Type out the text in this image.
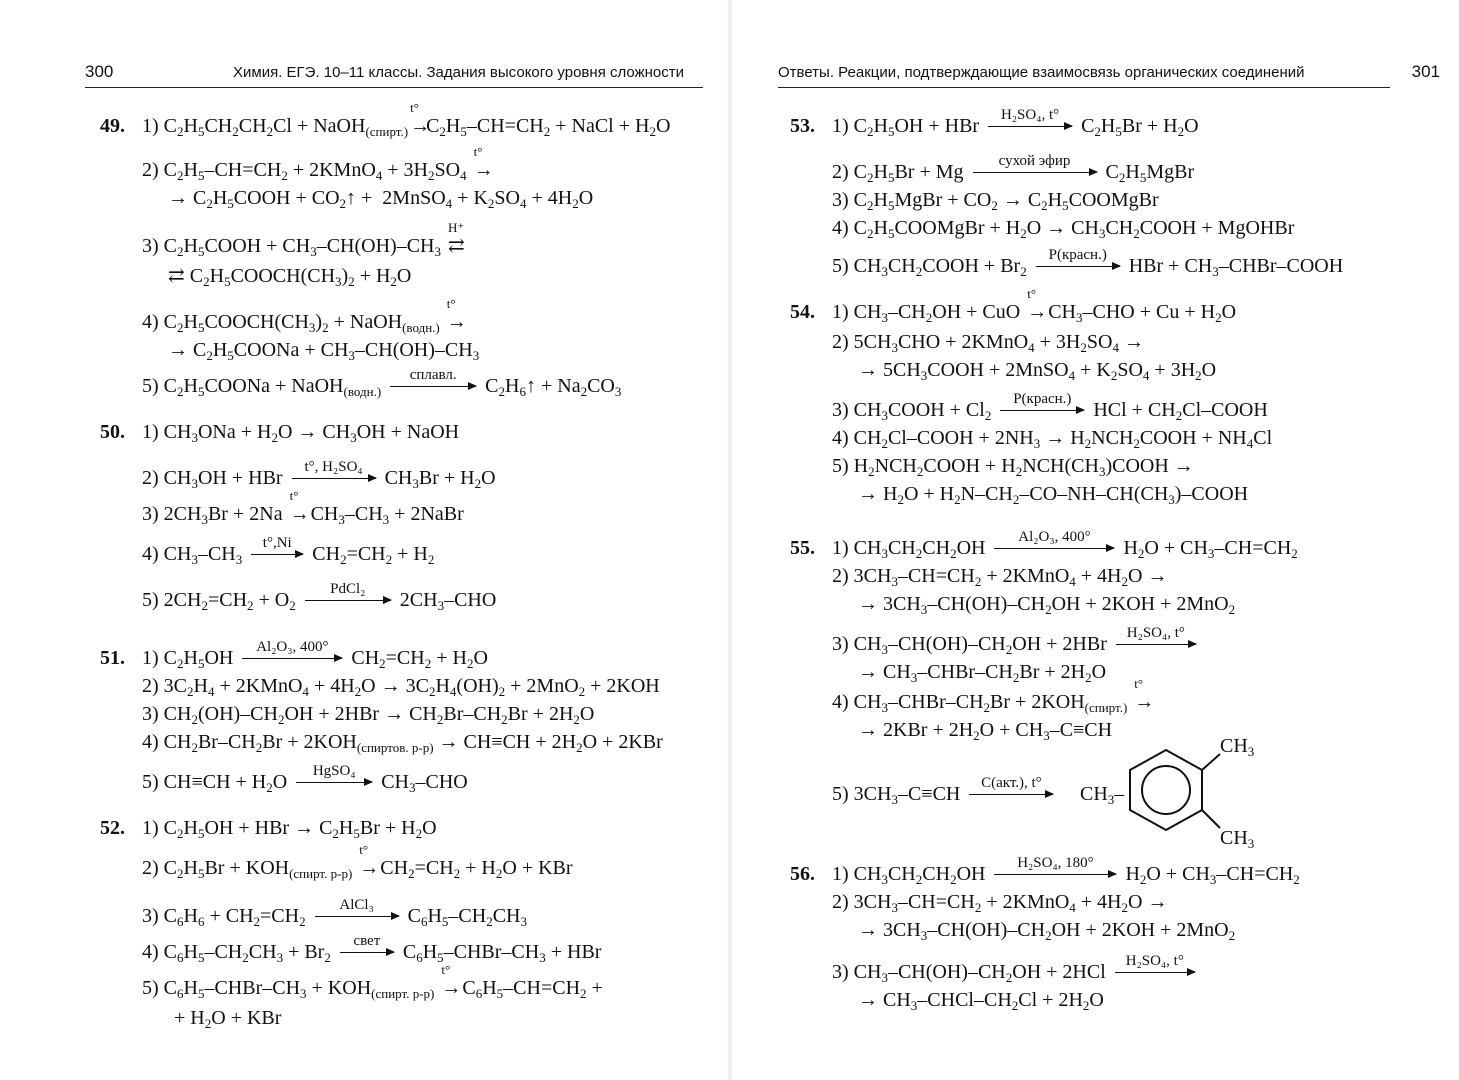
300	Химия. ЕГЭ. 10–11 классы. Задания высокого уровня сложности
49. 1) $C_2H_5CH_2CH_2Cl$ + NaOH$_{(спирт.)}$ →
t°
$C_2H_5-CH=CH_2$ + NaCl + $H_2O$
2) $C_2H_5-CH=CH_2$ + 2KMnO$_4$ + $3H_2SO_4$ →
t°
→ $C_2H_5COOH$ + $CO_2↑$ +  2MnSO$_4$ + $K_2SO_4 + 4H_2O$
3) $C_2H_5COOH + CH_3-CH(OH)-CH_3$ ⇄
H⁺
⇄ $C_2H_5COOCH(CH_3)_2 + H_2O$
4) $C_2H_5COOCH(CH_3)_2$ + NaOH$_{(водн.)}$ →
t°
→ $C_2H_5COONa + CH_3-CH(OH)-CH_3$
5) $C_2H_5COONa$ + NaOH$_{(водн.)}$
сплавл.	$C_2H_6↑ + Na_2CO_3$
50. 1) $CH_3ONa + H_2O \to CH_3OH$ + NaOH
2) $CH_3OH$ + HBr	t°, H₂SO₄ $CH_3Br + H_2O$
3) $2CH_3Br + 2Na$ →
t°
$CH_3-CH_3$ + 2NaBr
4) $CH_3-CH_3$
t°,Ni $CH_2=CH_2 + H_2$
5) $2CH_2=CH_2 + O_2$
PdCl₂	$2CH_3$–CHO
51. 1) $C_2H_5OH$	Al₂O₃, 400° $CH_2=CH_2 + H_2O$
2) $3C_2H_4$ + 2KMnO$_4$ + $4H_2O \to 3C_2H_4(OH)_2 + 2MnO_2 + 2KOH$
3) $CH_2(OH)-CH_2OH + 2HBr \to CH_2Br-CH_2Br + 2H_2O$
4) $CH_2Br-CH_2Br + 2KOH_{(спиртов. р-р)} \to CH\equiv CH + 2H_2O + 2KBr$
5) $CH\equiv CH + H_2O$	HgSO₄	$CH_3$–CHO
52. 1) $C_2H_5OH$ + HBr → $C_2H_5Br + H_2O$
2) $C_2H_5Br + KOH_{(спирт. р-р)}$ →
t°
$CH_2=CH_2 + H_2O$ + KBr
3) $C_6H_6 + CH_2=CH_2$
AlCl₃	$C_6H_5-CH_2CH_3$
4) $C_6H_5-CH_2CH_3 + Br_2$
свет $C_6H_5-CHBr-CH_3$ + HBr
5) $C_6H_5-CHBr-CH_3 + KOH_{(спирт. р-р)}$ →
t°
$C_6H_5-CH=CH_2$ +
+ $H_2O$ + KBr
Ответы. Реакции, подтверждающие взаимосвязь органических соединений	301
53. 1) $C_2H_5OH$ + HBr	H₂SO₄, t° $C_2H_5Br + H_2O$
2) $C_2H_5Br + Mg$	сухой эфир	$C_2H_5MgBr$
3) $C_2H_5MgBr + CO_2$ → $C_2H_5COOMgBr$
4) $C_2H_5COOMgBr + H_2O$ → $CH_3CH_2COOH$ + MgOHBr
5) $CH_3CH_2COOH + Br_2$
P(красн.) HBr + $CH_3-CHBr$–COOH
54. 1) $CH_3-CH_2OH$ + CuO →
t°
$CH_3$–CHO + $Cu + H_2O$
2) $5CH_3CHO$ + 2KMnO$_4$ + $3H_2SO_4$ →
→ $5CH_3COOH$ + 2MnSO$_4$ + $K_2SO_4 + 3H_2O$
3) $CH_3COOH + Cl_2$
P(красн.) HCl + $CH_2Cl$–COOH
4) $CH_2Cl$–COOH + $2NH_3$ → $H_2NCH_2COOH + NH_4Cl$
5) $H_2NCH_2COOH$ + $H_2NCH(CH_3)COOH$ →
→ $H_2O$ + $H_2N-CH_2-CO-NH-CH(CH_3)$–COOH
55. 1) $CH_3CH_2CH_2OH$	Al₂O₃, 400°	$H_2O + CH_3-CH=CH_2$
2) $3CH_3-CH=CH_2$ + 2KMnO$_4$ + $4H_2O$ →
→ $3CH_3-CH(OH)-CH_2OH + 2KOH + 2MnO_2$
3) $CH_3-CH(OH)-CH_2OH + 2HBr$ H₂SO₄, t°
→ $CH_3-CHBr-CH_2Br + 2H_2O$
4) $CH_3-CHBr-CH_2Br + 2KOH_{(спирт.)}$ →
t°
→ $2KBr + 2H_2O + CH_3-C\equiv CH$
5) $3CH_3-C\equiv CH$	C(акт.), t°	$CH_3-$
$CH_3$
$CH_3$
56. 1) $CH_3CH_2CH_2OH$	H₂SO₄, 180°	$H_2O + CH_3-CH=CH_2$
2) $3CH_3-CH=CH_2$ + 2KMnO$_4$ + $4H_2O$ →
→ $3CH_3-CH(OH)-CH_2OH + 2KOH + 2MnO_2$
3) $CH_3-CH(OH)-CH_2OH + 2HCl$ H₂SO₄, t°
→ $CH_3-CHCl-CH_2Cl + 2H_2O$
